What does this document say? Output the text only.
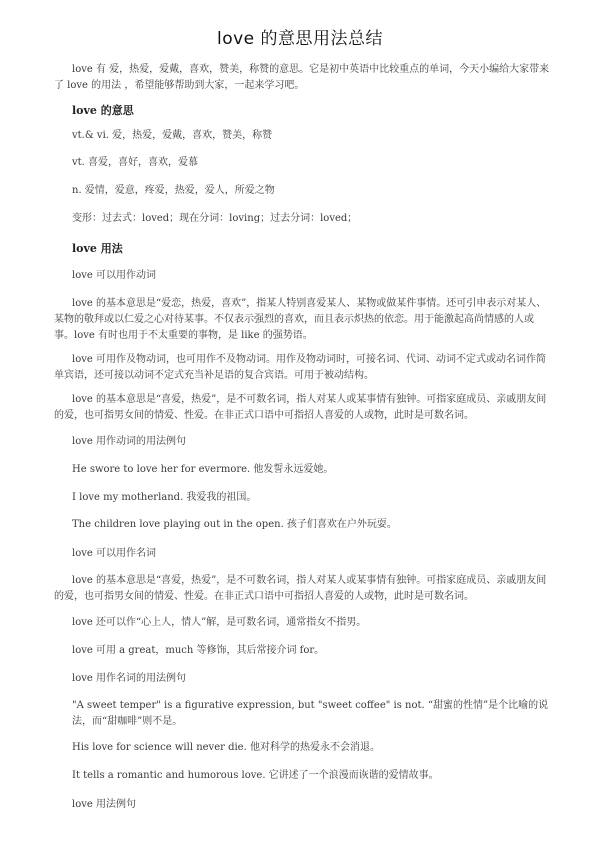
love 的意思用法总结
love 有 爱，热爱，爱戴，喜欢，赞美，称赞的意思。它是初中英语中比较重点的单词，今天小编给大家带来了 love 的用法 ，希望能够帮助到大家，一起来学习吧。
love 的意思
vt.& vi. 爱，热爱，爱戴，喜欢，赞美，称赞
vt. 喜爱，喜好，喜欢，爱慕
n. 爱情，爱意，疼爱，热爱，爱人，所爱之物
变形：过去式：loved；现在分词：loving；过去分词：loved；
love 用法
love 可以用作动词
love 的基本意思是“爱恋，热爱，喜欢”，指某人特别喜爱某人、某物或做某件事情。还可引申表示对某人、某物的敬拜或以仁爱之心对待某事。不仅表示强烈的喜欢，而且表示炽热的依恋。用于能激起高尚情感的人或事。love 有时也用于不太重要的事物，是 like 的强势语。
love 可用作及物动词，也可用作不及物动词。用作及物动词时，可接名词、代词、动词不定式或动名词作简单宾语，还可接以动词不定式充当补足语的复合宾语。可用于被动结构。
love 的基本意思是“喜爱，热爱”，是不可数名词，指人对某人或某事情有独钟。可指家庭成员、亲戚朋友间的爱，也可指男女间的情爱、性爱。在非正式口语中可指招人喜爱的人或物，此时是可数名词。
love 用作动词的用法例句
He swore to love her for evermore. 他发誓永远爱她。
I love my motherland. 我爱我的祖国。
The children love playing out in the open. 孩子们喜欢在户外玩耍。
love 可以用作名词
love 的基本意思是“喜爱，热爱”，是不可数名词，指人对某人或某事情有独钟。可指家庭成员、亲戚朋友间的爱，也可指男女间的情爱、性爱。在非正式口语中可指招人喜爱的人或物，此时是可数名词。
love 还可以作“心上人，情人”解，是可数名词，通常指女不指男。
love 可用 a great，much 等修饰，其后常接介词 for。
love 用作名词的用法例句
"A sweet temper" is a figurative expression, but "sweet coffee" is not. “甜蜜的性情”是个比喻的说法，而“甜咖啡”则不是。
His love for science will never die. 他对科学的热爱永不会消退。
It tells a romantic and humorous love. 它讲述了一个浪漫而诙谐的爱情故事。
love 用法例句
